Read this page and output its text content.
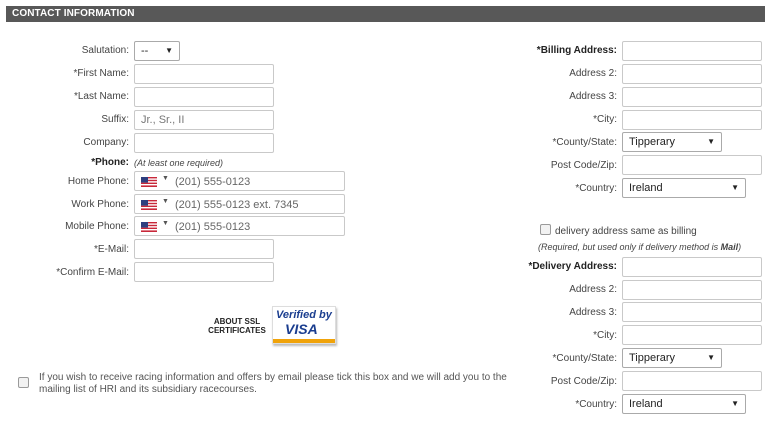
CONTACT INFORMATION
Salutation:	-- ▼
*First Name:
*Last Name:
Suffix:
Jr., Sr., II
Company:
*Phone: (At least one required)
Home Phone:	▼
(201) 555-0123
Work Phone:	▼
(201) 555-0123 ext. 7345
Mobile Phone:	▼
(201) 555-0123
*E-Mail:
*Confirm E-Mail:
ABOUT SSL
CERTIFICATES
Verified by
VISA
If you wish to receive racing information and offers by email please tick this box and we will add you to the mailing list of HRI and its subsidiary racecourses.
*Billing Address:
Address 2:
Address 3:
*City:
*County/State:	Tipperary	▼
Post Code/Zip:
*Country:	Ireland	▼
delivery address same as billing
(Required, but used only if delivery method is Mail)
*Delivery Address:
Address 2:
Address 3:
*City:
*County/State:	Tipperary	▼
Post Code/Zip:
*Country:	Ireland	▼
